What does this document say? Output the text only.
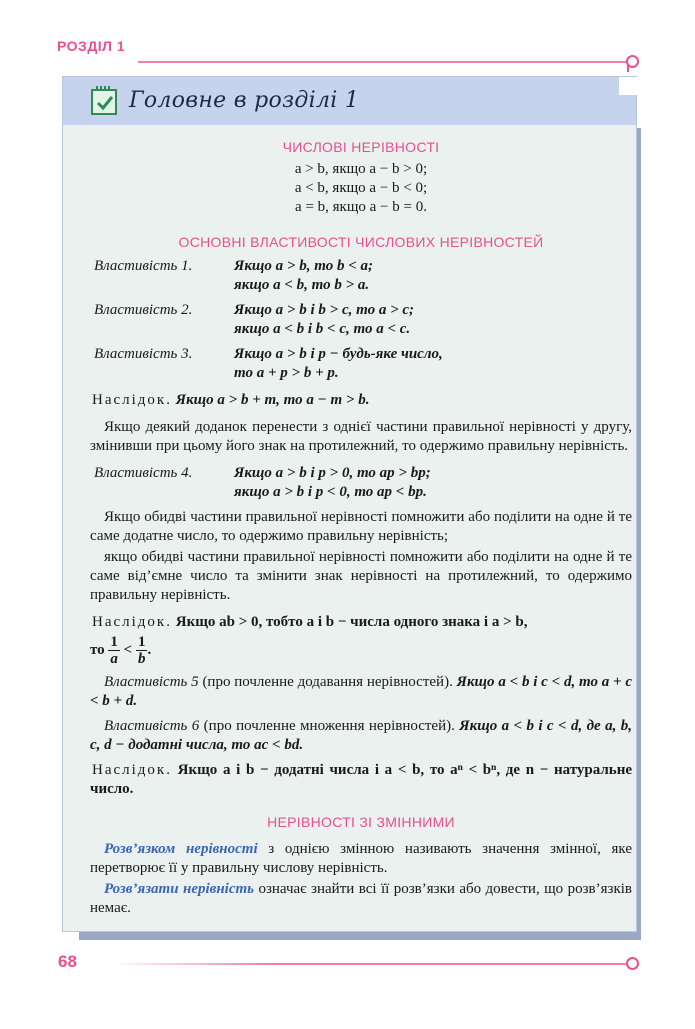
РОЗДІЛ 1
Головне в розділі 1
ЧИСЛОВІ НЕРІВНОСТІ
a > b, якщо a − b > 0;
a < b, якщо a − b < 0;
a = b, якщо a − b = 0.
ОСНОВНІ ВЛАСТИВОСТІ ЧИСЛОВИХ НЕРІВНОСТЕЙ
Властивість 1.	Якщо a > b, то b < a;
якщо a < b, то b > a.
Властивість 2.	Якщо a > b і b > c, то a > c;
якщо a < b і b < c, то a < c.
Властивість 3.	Якщо a > b і p − будь-яке число,
то a + p > b + p.
Наслідок. Якщо a > b + m, то a − m > b.
Якщо деякий доданок перенести з однієї частини правильної нерівності у другу, змінивши при цьому його знак на протилежний, то одержимо правильну нерівність.
Властивість 4.	Якщо a > b і p > 0, то ap > bp;
якщо a > b і p < 0, то ap < bp.
Якщо обидві частини правильної нерівності помножити або поділити на одне й те саме додатне число, то одержимо правильну нерівність;
якщо обидві частини правильної нерівності помножити або поділити на одне й те саме від’ємне число та змінити знак нерівності на протилежний, то одержимо правильну нерівність.
Наслідок. Якщо ab > 0, тобто a і b − числа одного знака і a > b,
то $\frac{1}{a} < \frac{1}{b}$ .
Властивість 5 (про почленне додавання нерівностей). Якщо a < b і c < d, то a + c < b + d.
Властивість 6 (про почленне множення нерівностей). Якщо a < b і c < d, де a, b, c, d − додатні числа, то ac < bd.
Наслідок. Якщо a і b − додатні числа і a < b, то aⁿ < bⁿ, де n − натуральне число.
НЕРІВНОСТІ ЗІ ЗМІННИМИ
Розв’язком нерівності з однією змінною називають значення змінної, яке перетворює її у правильну числову нерівність.
Розв’язати нерівність означає знайти всі її розв’язки або довести, що розв’язків немає.
68
